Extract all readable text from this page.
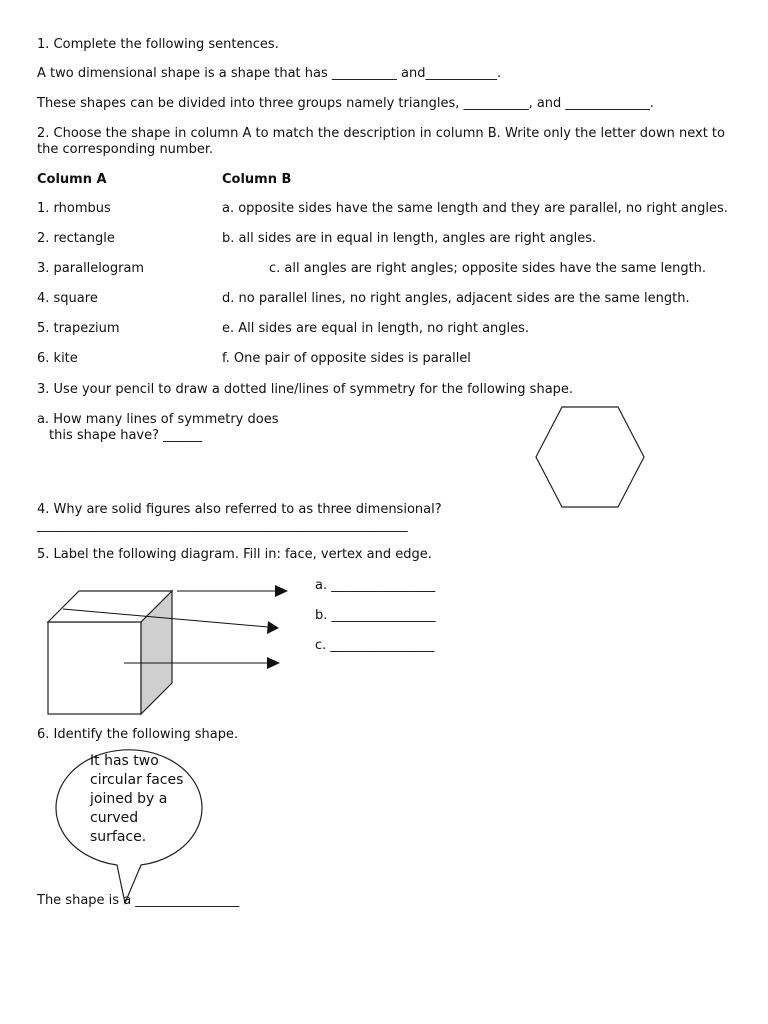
1. Complete the following sentences.
A two dimensional shape is a shape that has __________ and___________.
These shapes can be divided into three groups namely triangles, __________, and _____________.
2. Choose the shape in column A to match the description in column B. Write only the letter down next to
the corresponding number.
Column A	Column B
1. rhombus	a. opposite sides have the same length and they are parallel, no right angles.
2. rectangle	b. all sides are in equal in length, angles are right angles.
3. parallelogram	c. all angles are right angles; opposite sides have the same length.
4. square	d. no parallel lines, no right angles, adjacent sides are the same length.
5. trapezium	e. All sides are equal in length, no right angles.
6. kite	f. One pair of opposite sides is parallel
3. Use your pencil to draw a dotted line/lines of symmetry for the following shape.
a. How many lines of symmetry does
this shape have? ______
4. Why are solid figures also referred to as three dimensional?
_________________________________________________________
5. Label the following diagram. Fill in: face, vertex and edge.
a. ________________
b. ________________
c. ________________
6. Identify the following shape.
It has two circular faces joined by a curved surface.
The shape is a ________________
